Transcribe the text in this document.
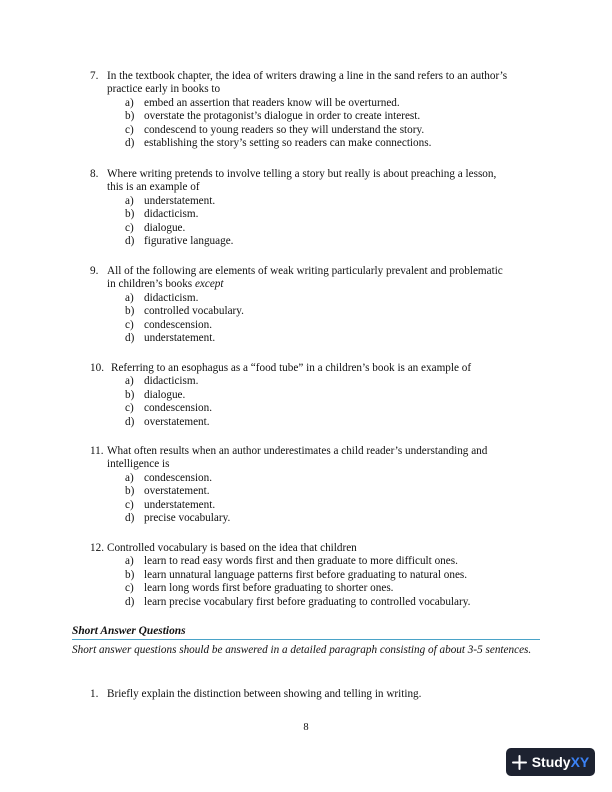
7. In the textbook chapter, the idea of writers drawing a line in the sand refers to an author’s
practice early in books to
a) embed an assertion that readers know will be overturned.
b) overstate the protagonist’s dialogue in order to create interest.
c) condescend to young readers so they will understand the story.
d) establishing the story’s setting so readers can make connections.
8. Where writing pretends to involve telling a story but really is about preaching a lesson,
this is an example of
a) understatement.
b) didacticism.
c) dialogue.
d) figurative language.
9. All of the following are elements of weak writing particularly prevalent and problematic
in children’s books except
a) didacticism.
b) controlled vocabulary.
c) condescension.
d) understatement.
10. Referring to an esophagus as a “food tube” in a children’s book is an example of
a) didacticism.
b) dialogue.
c) condescension.
d) overstatement.
11. What often results when an author underestimates a child reader’s understanding and
intelligence is
a) condescension.
b) overstatement.
c) understatement.
d) precise vocabulary.
12. Controlled vocabulary is based on the idea that children
a) learn to read easy words first and then graduate to more difficult ones.
b) learn unnatural language patterns first before graduating to natural ones.
c) learn long words first before graduating to shorter ones.
d) learn precise vocabulary first before graduating to controlled vocabulary.
Short Answer Questions
Short answer questions should be answered in a detailed paragraph consisting of about 3-5 sentences.
1. Briefly explain the distinction between showing and telling in writing.
8
Study XY
